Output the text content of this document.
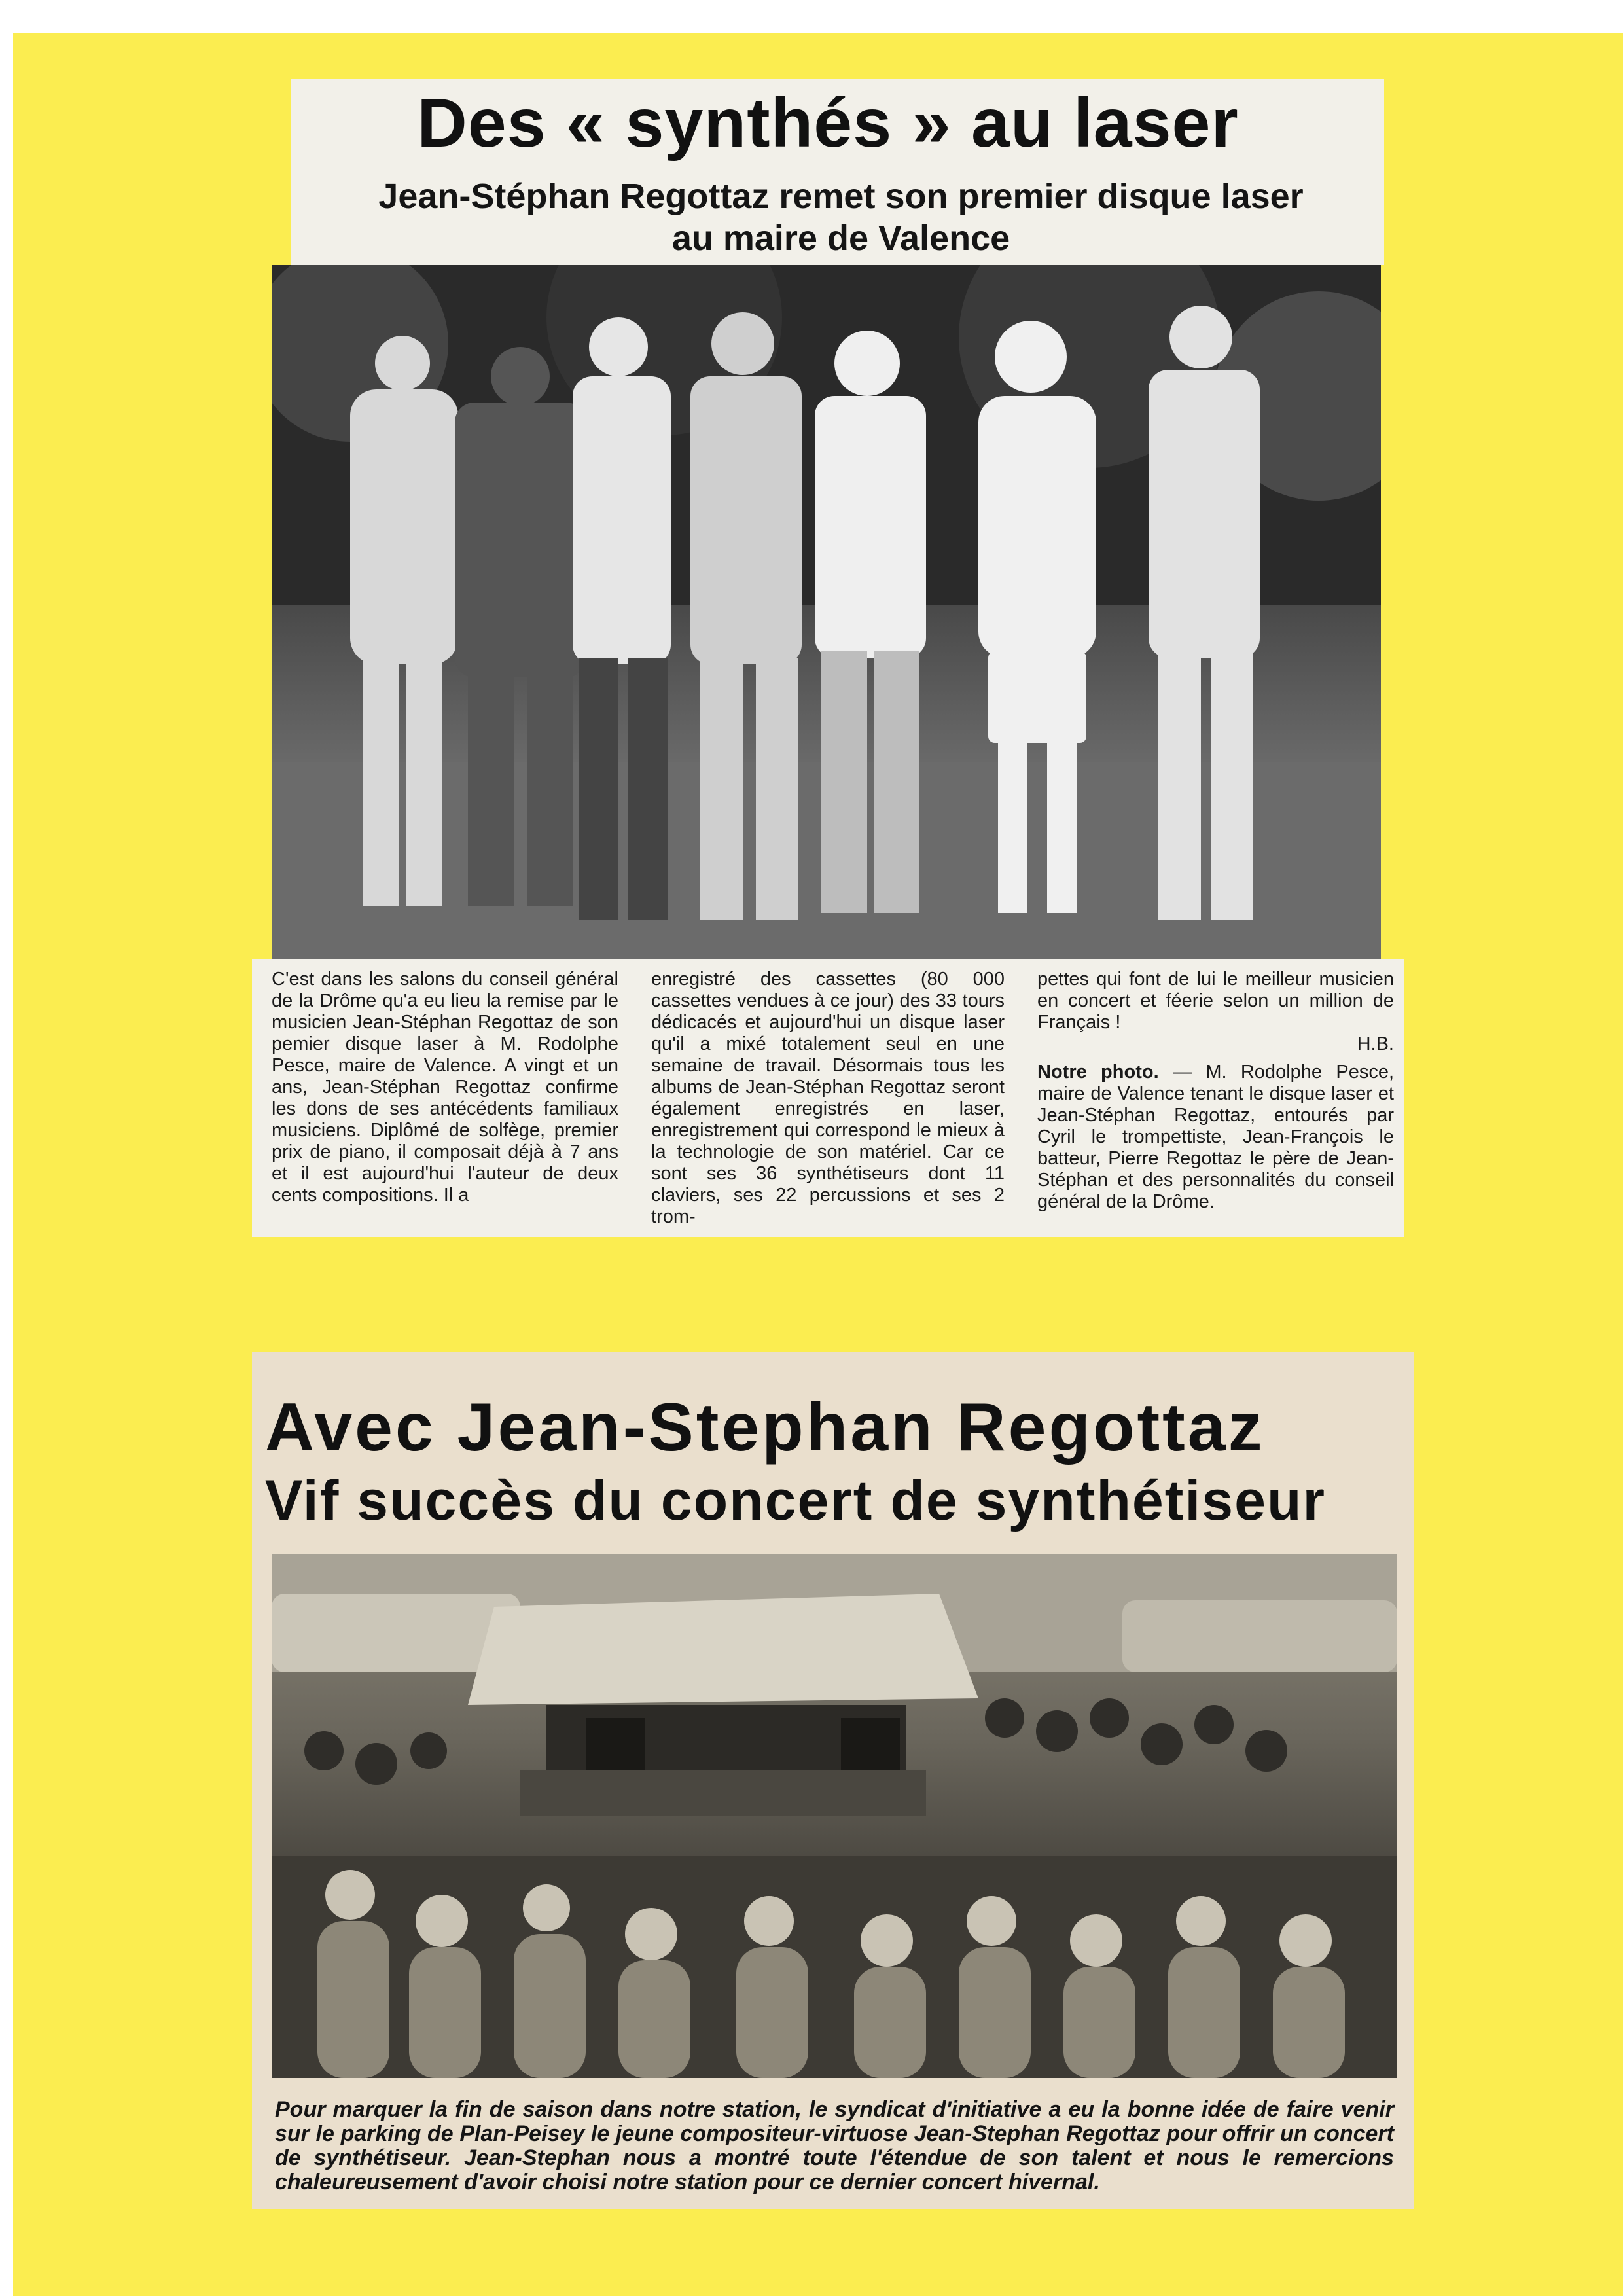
Des « synthés » au laser
Jean-Stéphan Regottaz remet son premier disque laser
au maire de Valence

C'est dans les salons du conseil général de la Drôme qu'a eu lieu la remise par le musicien Jean-Stéphan Regottaz de son pemier disque laser à M. Rodolphe Pesce, maire de Valence. A vingt et un ans, Jean-Stéphan Regottaz confirme les dons de ses antécédents familiaux musiciens. Diplômé de solfège, premier prix de piano, il composait déjà à 7 ans et il est aujourd'hui l'auteur de deux cents compositions. Il a

enregistré des cassettes (80 000 cassettes vendues à ce jour) des 33 tours dédicacés et aujourd'hui un disque laser qu'il a mixé totalement seul en une semaine de travail. Désormais tous les albums de Jean-Stéphan Regottaz seront également enregistrés en laser, enregistrement qui correspond le mieux à la technologie de son matériel. Car ce sont ses 36 synthétiseurs dont 11 claviers, ses 22 percussions et ses 2 trom-

pettes qui font de lui le meilleur musicien en concert et féerie selon un million de Français !

H.B.

Notre photo. — M. Rodolphe Pesce, maire de Valence tenant le disque laser et Jean-Stéphan Regottaz, entourés par Cyril le trompettiste, Jean-François le batteur, Pierre Regottaz le père de Jean-Stéphan et des personnalités du conseil général de la Drôme.

Avec Jean-Stephan Regottaz
Vif succès du concert de synthétiseur
Pour marquer la fin de saison dans notre station, le syndicat d'initiative a eu la bonne idée de faire venir sur le parking de Plan-Peisey le jeune compositeur-virtuose Jean-Stephan Regottaz pour offrir un concert de synthétiseur. Jean-Stephan nous a montré toute l'étendue de son talent et nous le remercions chaleureusement d'avoir choisi notre station pour ce dernier concert hivernal.
